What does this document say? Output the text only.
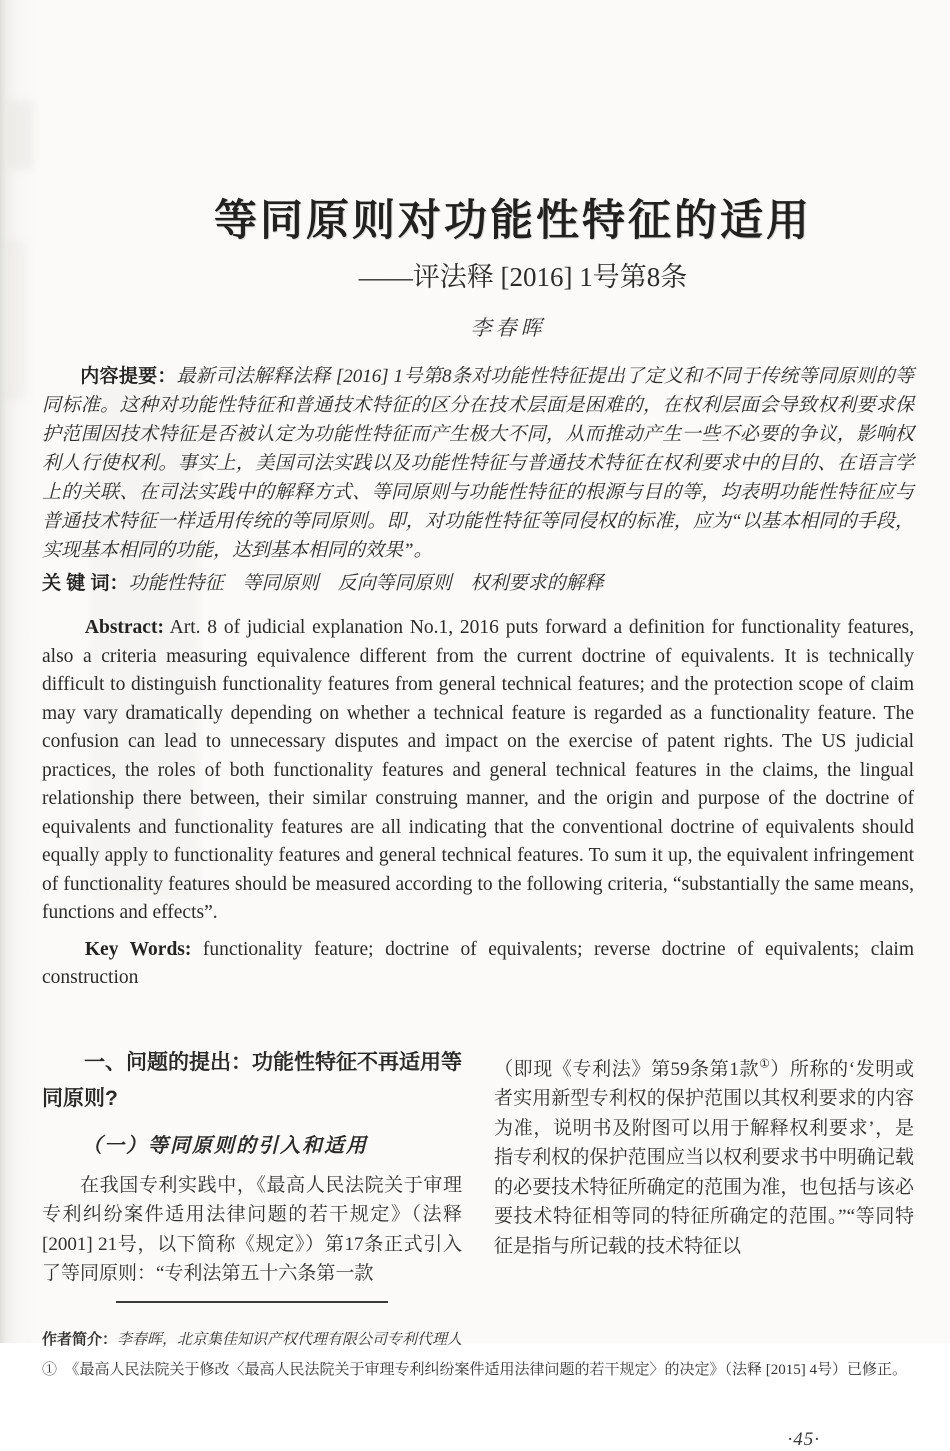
等同原则对功能性特征的适用
——评法释 [2016] 1号第8条
李春晖

内容提要：最新司法解释法释 [2016] 1号第8条对功能性特征提出了定义和不同于传统等同原则的等同标准。这种对功能性特征和普通技术特征的区分在技术层面是困难的，在权利层面会导致权利要求保护范围因技术特征是否被认定为功能性特征而产生极大不同，从而推动产生一些不必要的争议，影响权利人行使权利。事实上，美国司法实践以及功能性特征与普通技术特征在权利要求中的目的、在语言学上的关联、在司法实践中的解释方式、等同原则与功能性特征的根源与目的等，均表明功能性特征应与普通技术特征一样适用传统的等同原则。即，对功能性特征等同侵权的标准，应为“以基本相同的手段，实现基本相同的功能，达到基本相同的效果”。

关 键 词：功能性特征　等同原则　反向等同原则　权利要求的解释

Abstract: Art. 8 of judicial explanation No.1, 2016 puts forward a definition for functionality features, also a criteria measuring equivalence different from the current doctrine of equivalents. It is technically difficult to distinguish functionality features from general technical features; and the protection scope of claim may vary dramatically depending on whether a technical feature is regarded as a functionality feature. The confusion can lead to unnecessary disputes and impact on the exercise of patent rights. The US judicial practices, the roles of both functionality features and general technical features in the claims, the lingual relationship there between, their similar construing manner, and the origin and purpose of the doctrine of equivalents and functionality features are all indicating that the conventional doctrine of equivalents should equally apply to functionality features and general technical features. To sum it up, the equivalent infringement of functionality features should be measured according to the following criteria, “substantially the same means, functions and effects”.

Key Words: functionality feature; doctrine of equivalents; reverse doctrine of equivalents; claim construction

一、问题的提出：功能性特征不再适用等同原则?
（一）等同原则的引入和适用

在我国专利实践中，《最高人民法院关于审理专利纠纷案件适用法律问题的若干规定》（法释 [2001] 21号，以下简称《规定》）第17条正式引入了等同原则：“专利法第五十六条第一款

（即现《专利法》第59条第1款①）所称的‘发明或者实用新型专利权的保护范围以其权利要求的内容为准，说明书及附图可以用于解释权利要求’，是指专利权的保护范围应当以权利要求书中明确记载的必要技术特征所确定的范围为准，也包括与该必要技术特征相等同的特征所确定的范围。”“等同特征是指与所记载的技术特征以

作者简介：李春晖，北京集佳知识产权代理有限公司专利代理人

①　《最高人民法院关于修改〈最高人民法院关于审理专利纠纷案件适用法律问题的若干规定〉的决定》（法释 [2015] 4号）已修正。

·45·
